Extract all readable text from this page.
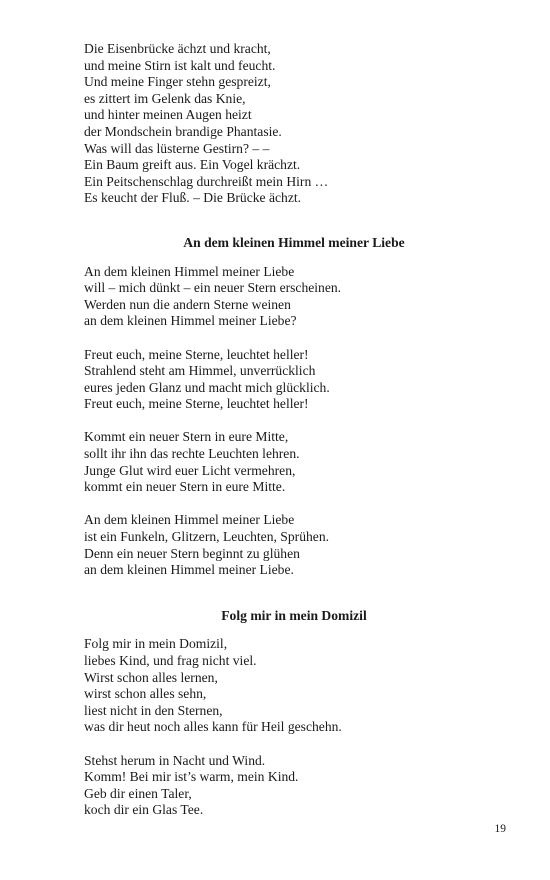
Die Eisenbrücke ächzt und kracht,
und meine Stirn ist kalt und feucht.
Und meine Finger stehn gespreizt,
es zittert im Gelenk das Knie,
und hinter meinen Augen heizt
der Mondschein brandige Phantasie.
Was will das lüsterne Gestirn? – –
Ein Baum greift aus. Ein Vogel krächzt.
Ein Peitschenschlag durchreißt mein Hirn …
Es keucht der Fluß. – Die Brücke ächzt.
An dem kleinen Himmel meiner Liebe
An dem kleinen Himmel meiner Liebe
will – mich dünkt – ein neuer Stern erscheinen.
Werden nun die andern Sterne weinen
an dem kleinen Himmel meiner Liebe?
Freut euch, meine Sterne, leuchtet heller!
Strahlend steht am Himmel, unverrücklich
eures jeden Glanz und macht mich glücklich.
Freut euch, meine Sterne, leuchtet heller!
Kommt ein neuer Stern in eure Mitte,
sollt ihr ihn das rechte Leuchten lehren.
Junge Glut wird euer Licht vermehren,
kommt ein neuer Stern in eure Mitte.
An dem kleinen Himmel meiner Liebe
ist ein Funkeln, Glitzern, Leuchten, Sprühen.
Denn ein neuer Stern beginnt zu glühen
an dem kleinen Himmel meiner Liebe.
Folg mir in mein Domizil
Folg mir in mein Domizil,
liebes Kind, und frag nicht viel.
Wirst schon alles lernen,
wirst schon alles sehn,
liest nicht in den Sternen,
was dir heut noch alles kann für Heil geschehn.
Stehst herum in Nacht und Wind.
Komm! Bei mir ist’s warm, mein Kind.
Geb dir einen Taler,
koch dir ein Glas Tee.
19
